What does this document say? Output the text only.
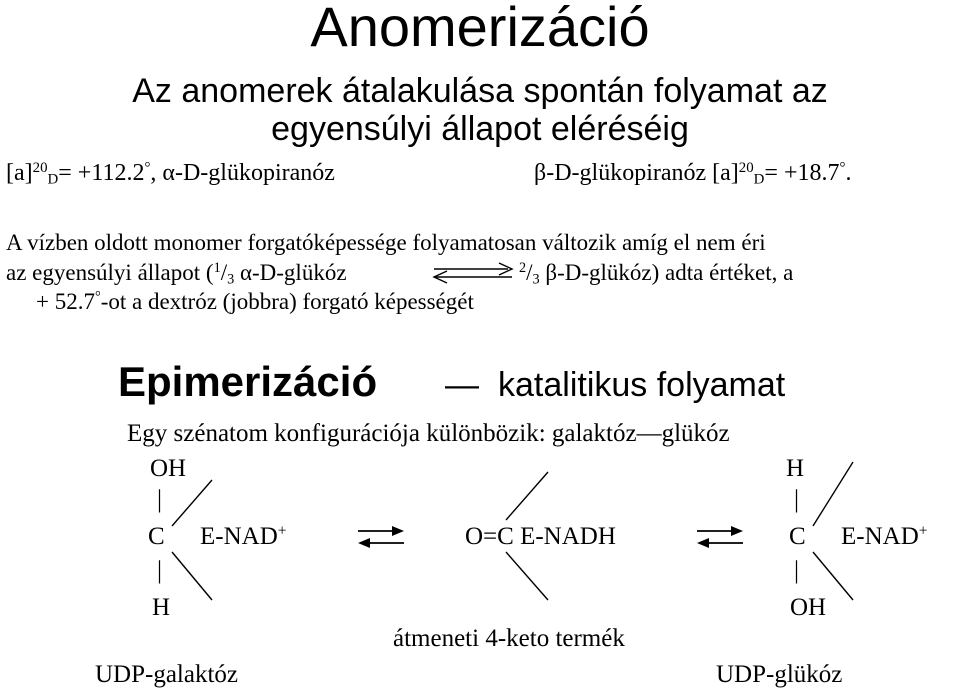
Anomerizáció
Az anomerek átalakulása spontán folyamat az
egyensúlyi állapot eléréséig
$[a]^{20}_D= +112.2^\circ$, α-D-glükopiranóz	β-D-glükopiranóz $[a]^{20}_D= +18.7^\circ$.
A vízben oldott monomer forgatóképessége folyamatosan változik amíg el nem éri
az egyensúlyi állapot ($^1/_3$ α-D-glükóz	$^2/_3$ β-D-glükóz) adta értéket, a
+ 52.7°-ot a dextróz (jobbra) forgató képességét
Epimerizáció — katalitikus folyamat
Egy szénatom konfigurációja különbözik: galaktóz—glükóz
OH
|
C E-NAD+
|
H
UDP-galaktóz
O=C E-NADH
átmeneti 4-keto termék
H
|
C E-NAD+
|
OH
UDP-glükóz
